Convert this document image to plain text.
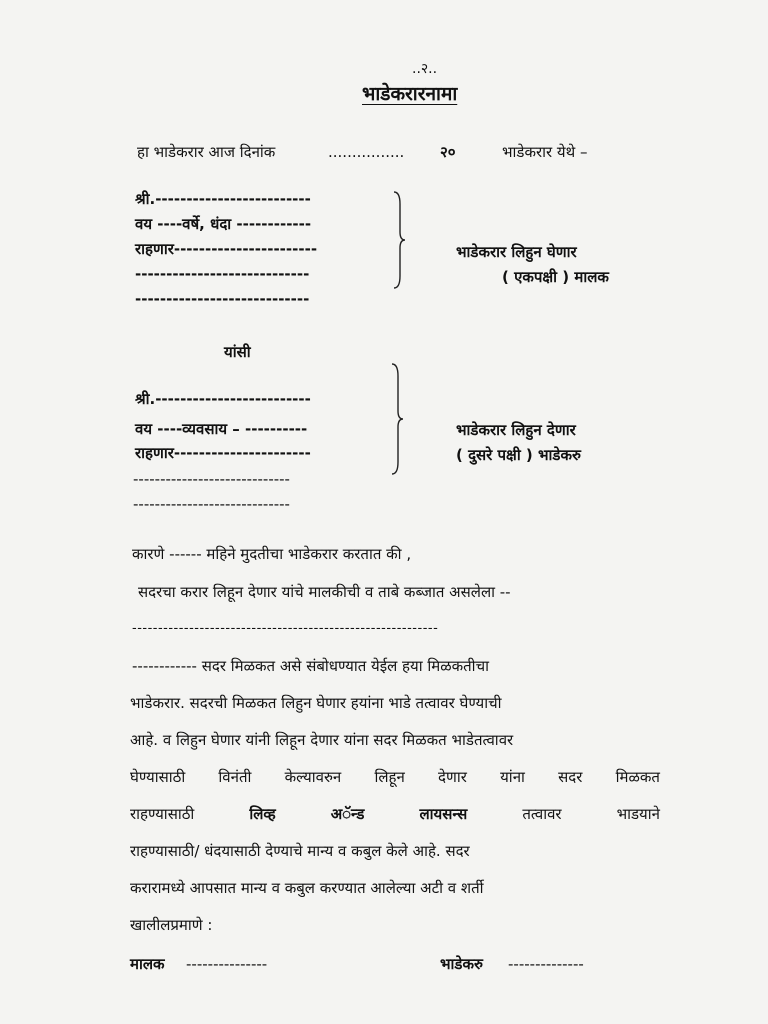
..२..
भाडेकरारनामा
हा भाडेकरार आज दिनांक	................ २०	भाडेकरार येथे –
श्री.-------------------------
वय ----वर्षे, धंदा ------------
राहणार-----------------------
----------------------------
----------------------------
भाडेकरार लिहुन घेणार
( एकपक्षी ) मालक
यांसी
श्री.-------------------------
वय ----व्यवसाय – ----------
राहणार----------------------
-----------------------------
-----------------------------
भाडेकरार लिहुन देणार
( दुसरे पक्षी ) भाडेकरु
कारणे ------ महिने मुदतीचा भाडेकरार करतात की ,
सदरचा करार लिहून देणार यांचे मालकीची व ताबे कब्जात असलेला --
-----------------------------------------------------------
------------ सदर मिळकत असे संबोधण्यात येईल हया मिळकतीचा
भाडेकरार. सदरची मिळकत लिहुन घेणार हयांना भाडे तत्वावर घेण्याची
आहे. व लिहुन घेणार यांनी लिहून देणार यांना सदर मिळकत भाडेतत्वावर
घेण्यासाठी विनंती केल्यावरुन लिहून देणार यांना सदर मिळकत
राहण्यासाठी	लिव्ह	अॅन्ड	लायसन्स	तत्वावर	भाडयाने
राहण्यासाठी/ धंदयासाठी देण्याचे मान्य व कबुल केले आहे. सदर
करारामध्ये आपसात मान्य व कबुल करण्यात आलेल्या अटी व शर्ती
खालीलप्रमाणे :
मालक ---------------	भाडेकरु --------------
